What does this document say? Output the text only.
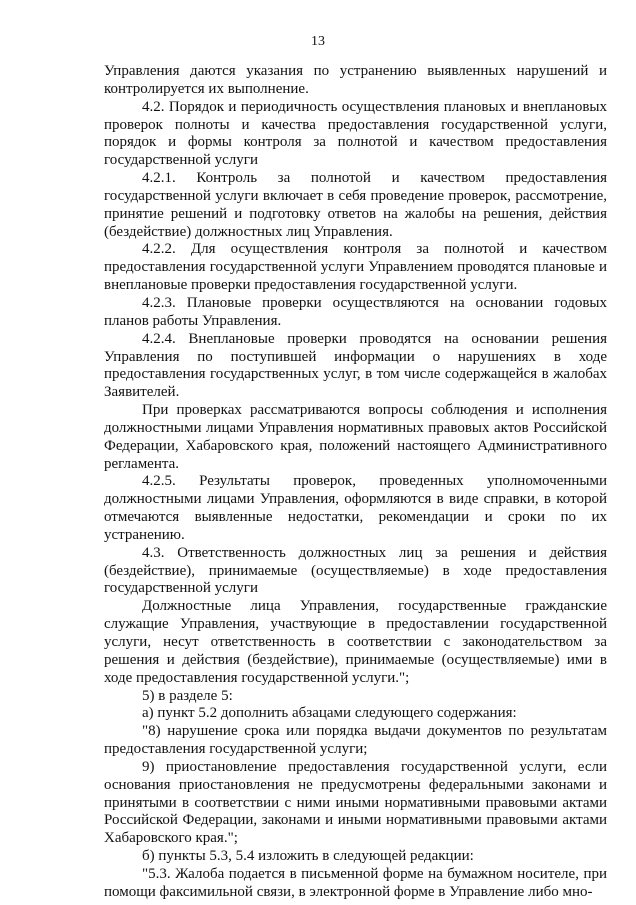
13

Управления даются указания по устранению выявленных нарушений и контролируется их выполнение.

4.2. Порядок и периодичность осуществления плановых и внеплановых проверок полноты и качества предоставления государственной услуги, порядок и формы контроля за полнотой и качеством предоставления государственной услуги

4.2.1. Контроль за полнотой и качеством предоставления государственной услуги включает в себя проведение проверок, рассмотрение, принятие решений и подготовку ответов на жалобы на решения, действия (бездействие) должностных лиц Управления.

4.2.2. Для осуществления контроля за полнотой и качеством предоставления государственной услуги Управлением проводятся плановые и внеплановые проверки предоставления государственной услуги.

4.2.3. Плановые проверки осуществляются на основании годовых планов работы Управления.

4.2.4. Внеплановые проверки проводятся на основании решения Управления по поступившей информации о нарушениях в ходе предоставления государственных услуг, в том числе содержащейся в жалобах Заявителей.

При проверках рассматриваются вопросы соблюдения и исполнения должностными лицами Управления нормативных правовых актов Российской Федерации, Хабаровского края, положений настоящего Административного регламента.

4.2.5. Результаты проверок, проведенных уполномоченными должностными лицами Управления, оформляются в виде справки, в которой отмечаются выявленные недостатки, рекомендации и сроки по их устранению.

4.3. Ответственность должностных лиц за решения и действия (бездействие), принимаемые (осуществляемые) в ходе предоставления государственной услуги

Должностные лица Управления, государственные гражданские служащие Управления, участвующие в предоставлении государственной услуги, несут ответственность в соответствии с законодательством за решения и действия (бездействие), принимаемые (осуществляемые) ими в ходе предоставления государственной услуги.";

5) в разделе 5:

а) пункт 5.2 дополнить абзацами следующего содержания:

"8) нарушение срока или порядка выдачи документов по результатам предоставления государственной услуги;

9) приостановление предоставления государственной услуги, если основания приостановления не предусмотрены федеральными законами и принятыми в соответствии с ними иными нормативными правовыми актами Российской Федерации, законами и иными нормативными правовыми актами Хабаровского края.";

б) пункты 5.3, 5.4 изложить в следующей редакции:

"5.3. Жалоба подается в письменной форме на бумажном носителе, при помощи факсимильной связи, в электронной форме в Управление либо мно-
